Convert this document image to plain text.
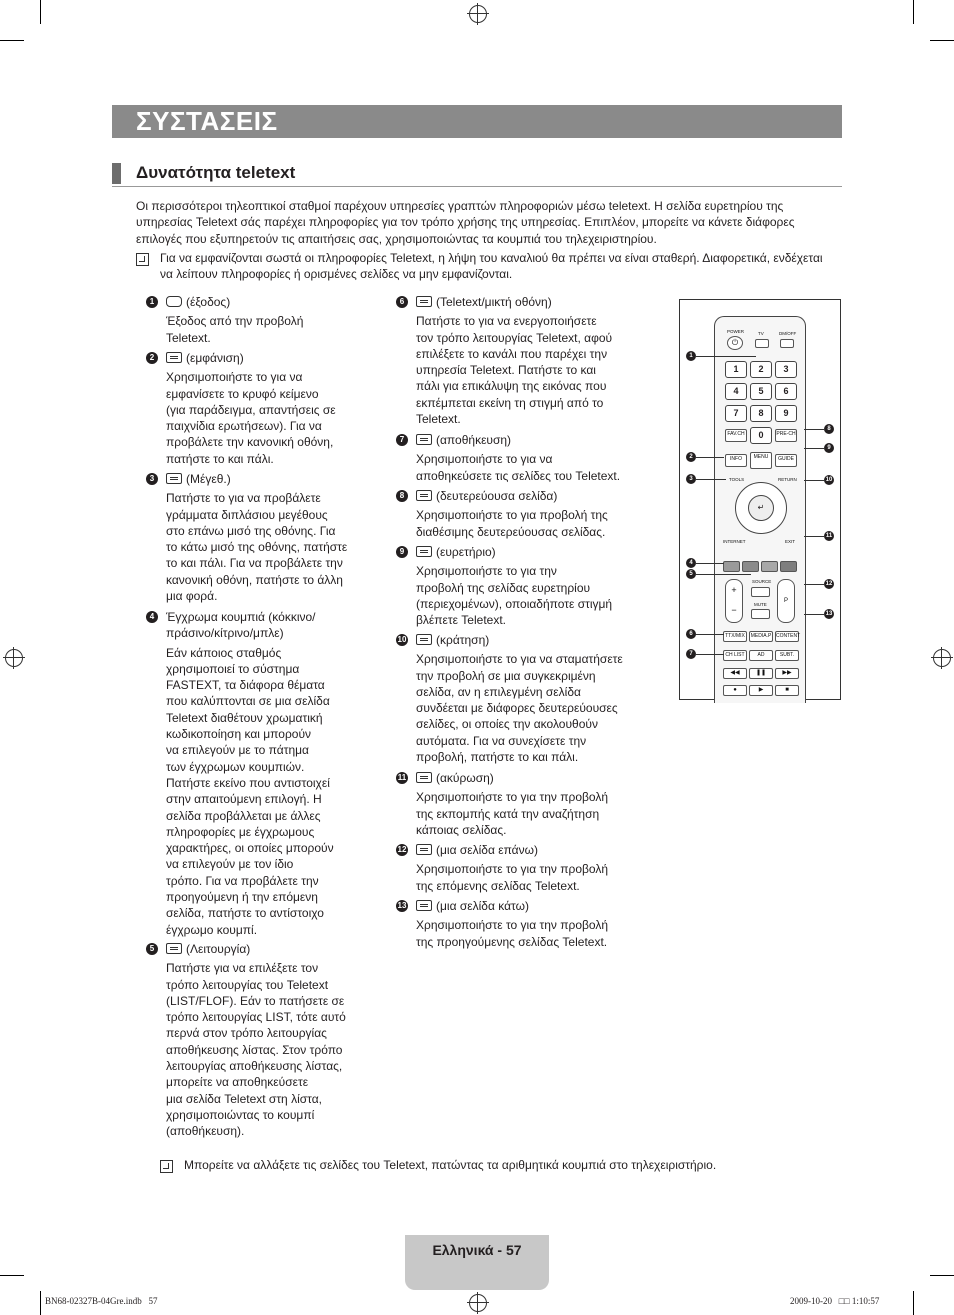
ΣΥΣΤΑΣΕΙΣ
Δυνατότητα teletext
Οι περισσότεροι τηλεοπτικοί σταθμοί παρέχουν υπηρεσίες γραπτών πληροφοριών μέσω teletext. Η σελίδα ευρετηρίου της υπηρεσίας Teletext σάς παρέχει πληροφορίες για τον τρόπο χρήσης της υπηρεσίας. Επιπλέον, μπορείτε να κάνετε διάφορες επιλογές που εξυπηρετούν τις απαιτήσεις σας, χρησιμοποιώντας τα κουμπιά του τηλεχειριστηρίου.
Για να εμφανίζονται σωστά οι πληροφορίες Teletext, η λήψη του καναλιού θα πρέπει να είναι σταθερή. Διαφορετικά, ενδέχεται να λείπουν πληροφορίες ή ορισμένες σελίδες να μην εμφανίζονται.
1	(έξοδος)
Έξοδος από την προβολή
Teletext.
2	(εμφάνιση)
Χρησιμοποιήστε το για να
εμφανίσετε το κρυφό κείμενο
(για παράδειγμα, απαντήσεις σε
παιχνίδια ερωτήσεων). Για να
προβάλετε την κανονική οθόνη,
πατήστε το και πάλι.
3	(Μέγεθ.)
Πατήστε το για να προβάλετε
γράμματα διπλάσιου μεγέθους
στο επάνω μισό της οθόνης. Για
το κάτω μισό της οθόνης, πατήστε
το και πάλι. Για να προβάλετε την
κανονική οθόνη, πατήστε το άλλη
μια φορά.
4 Έγχρωμα κουμπιά (κόκκινο/
πράσινο/κίτρινο/μπλε)
Εάν κάποιος σταθμός
χρησιμοποιεί το σύστημα
FASTEXT, τα διάφορα θέματα
που καλύπτονται σε μια σελίδα
Teletext διαθέτουν χρωματική
κωδικοποίηση και μπορούν
να επιλεγούν με το πάτημα
των έγχρωμων κουμπιών.
Πατήστε εκείνο που αντιστοιχεί
στην απαιτούμενη επιλογή. Η
σελίδα προβάλλεται με άλλες
πληροφορίες με έγχρωμους
χαρακτήρες, οι οποίες μπορούν
να επιλεγούν με τον ίδιο
τρόπο. Για να προβάλετε την
προηγούμενη ή την επόμενη
σελίδα, πατήστε το αντίστοιχο
έγχρωμο κουμπί.
5	(Λειτουργία)
Πατήστε για να επιλέξετε τον
τρόπο λειτουργίας του Teletext
(LIST/FLOF). Εάν το πατήσετε σε
τρόπο λειτουργίας LIST, τότε αυτό
περνά στον τρόπο λειτουργίας
αποθήκευσης λίστας. Στον τρόπο
λειτουργίας αποθήκευσης λίστας,
μπορείτε να αποθηκεύσετε
μια σελίδα Teletext στη λίστα,
χρησιμοποιώντας το κουμπί
(αποθήκευση).
6	(Teletext/μικτή οθόνη)
Πατήστε το για να ενεργοποιήσετε
τον τρόπο λειτουργίας Teletext, αφού
επιλέξετε το κανάλι που παρέχει την
υπηρεσία Teletext. Πατήστε το και
πάλι για επικάλυψη της εικόνας που
εκπέμπεται εκείνη τη στιγμή από το
Teletext.
7	(αποθήκευση)
Χρησιμοποιήστε το για να
αποθηκεύσετε τις σελίδες του Teletext.
8	(δευτερεύουσα σελίδα)
Χρησιμοποιήστε το για προβολή της
διαθέσιμης δευτερεύουσας σελίδας.
9	(ευρετήριο)
Χρησιμοποιήστε το για την
προβολή της σελίδας ευρετηρίου
(περιεχομένων), οποιαδήποτε στιγμή
βλέπετε Teletext.
10	(κράτηση)
Χρησιμοποιήστε το για να σταματήσετε
την προβολή σε μια συγκεκριμένη
σελίδα, αν η επιλεγμένη σελίδα
συνδέεται με διάφορες δευτερεύουσες
σελίδες, οι οποίες την ακολουθούν
αυτόματα. Για να συνεχίσετε την
προβολή, πατήστε το και πάλι.
11	(ακύρωση)
Χρησιμοποιήστε το για την προβολή
της εκπομπής κατά την αναζήτηση
κάποιας σελίδας.
12	(μια σελίδα επάνω)
Χρησιμοποιήστε το για την προβολή
της επόμενης σελίδας Teletext.
13	(μια σελίδα κάτω)
Χρησιμοποιήστε το για την προβολή
της προηγούμενης σελίδας Teletext.
POWER
⏻
TV	DM/OFF
1	2	3
4	5	6
7	8	9
FAV.CH	0	PRE-CH
INFO	MENU	GUIDE
TOOLS	RETURN
↵
INTERNET	EXIT
+
−
SOURCE
MUTE
P
TTX/MIX	MEDIA.P CONTENT
CH LIST	AD	SUBT.
◀◀	❚❚	▶▶
●	▶	■
1
2
3
4
5
6
7
8
9
10
11
12
13
Μπορείτε να αλλάξετε τις σελίδες του Teletext, πατώντας τα αριθμητικά κουμπιά στο τηλεχειριστήριο.
Ελληνικά - 57
BN68-02327B-04Gre.indb   57	2009-10-20   □□ 1:10:57
